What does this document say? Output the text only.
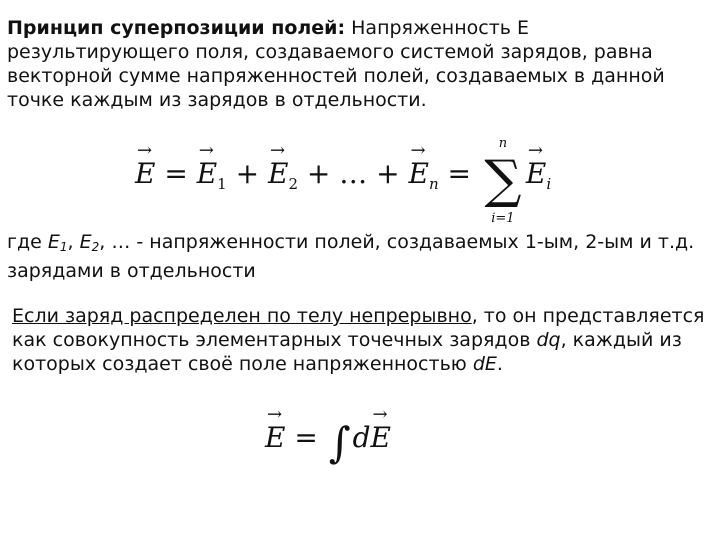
Принцип суперпозиции полей: Напряженность Е результирующего поля, создаваемого системой зарядов, равна векторной сумме напряженностей полей, создаваемых в данной точке каждым из зарядов в отдельности.
→ E = → $E_1$ + → $E_2$ + … + → $E_n$ =
n
∑
i=1
→ $E_i$
где $E_1$, $E_2$, … - напряженности полей, создаваемых 1-ым, 2-ым и т.д. зарядами в отдельности
Если заряд распределен по телу непрерывно, то он представляется как совокупность элементарных точечных зарядов dq, каждый из которых создает своё поле напряженностью dE.
→ E = ∫d→ E
